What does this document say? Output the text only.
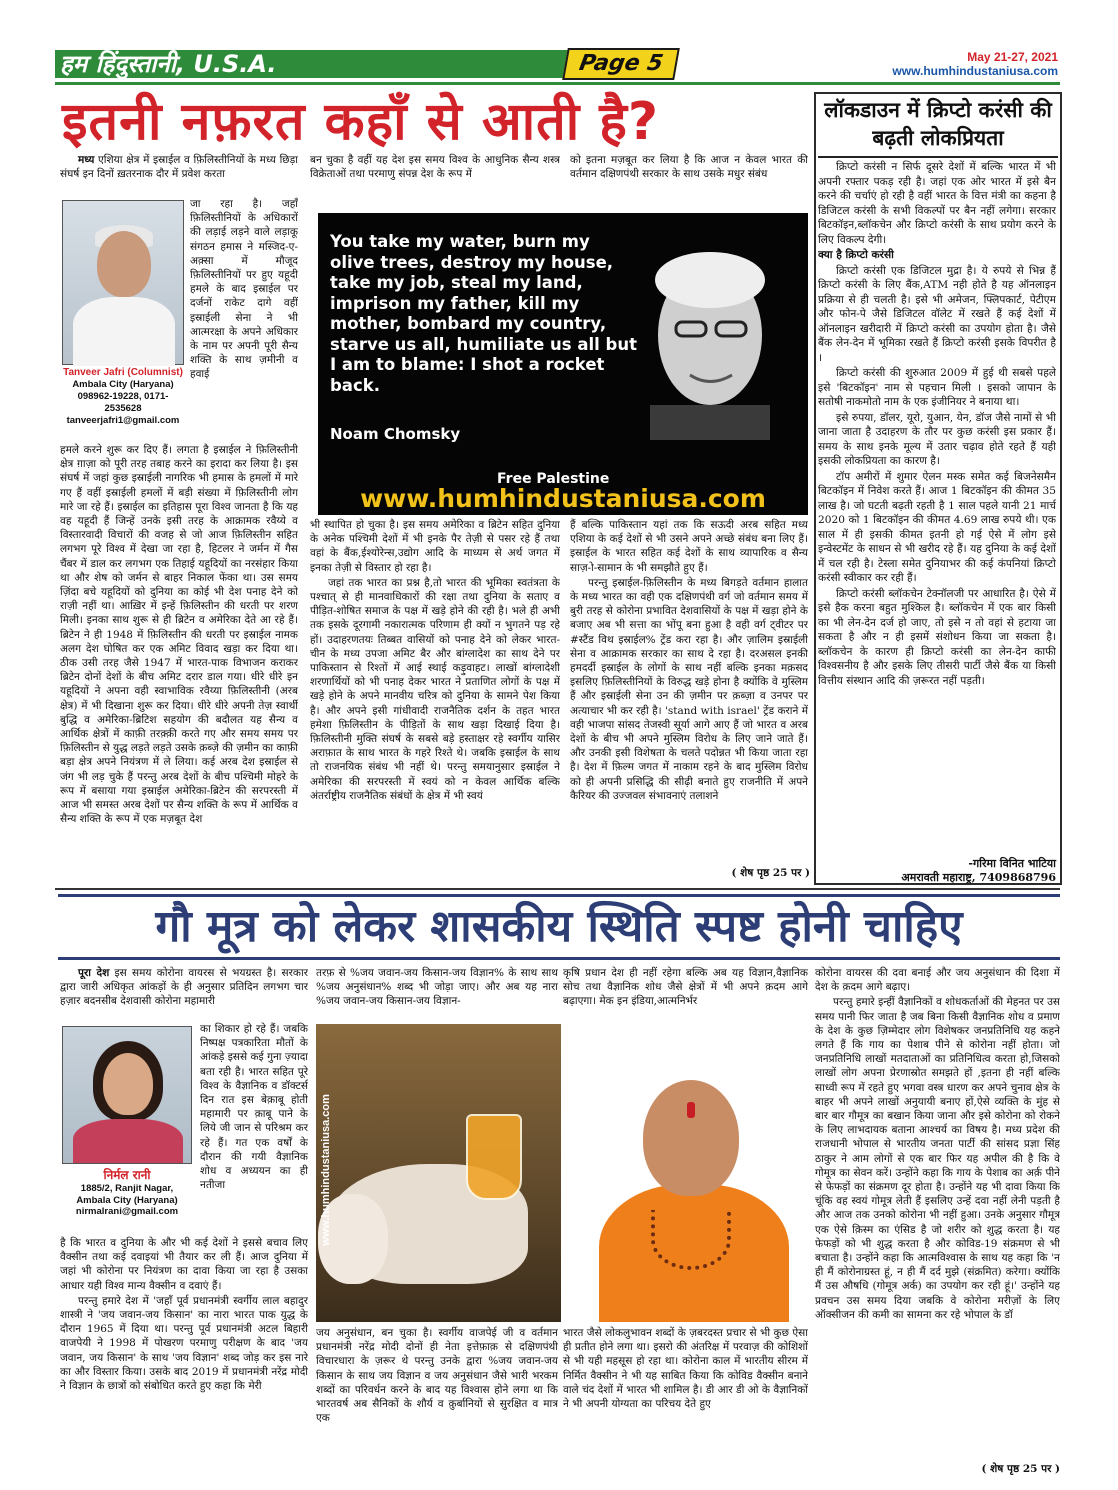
हम हिंदुस्तानी, U.S.A.	Page 5	May 21-27, 2021
www.humhindustaniusa.com
इतनी नफ़रत कहाँ से आती है?

मध्य एशिया क्षेत्र में इस्राईल व फ़िलिस्तीनियों के मध्य छिड़ा संघर्ष इन दिनों ख़तरनाक दौर में प्रवेश करता

Tanveer Jafri (Columnist)
Ambala City (Haryana)
098962-19228, 0171-2535628
tanveerjafri1@gmail.com

जा रहा है। जहाँ फ़िलिस्तीनियों के अधिकारों की लड़ाई लड़ने वाले लड़ाकू संगठन हमास ने मस्जिद-ए-अक़्सा में मौजूद फ़िलिस्तीनियों पर हुए यहूदी हमले के बाद इस्राईल पर दर्जनों राकेट दागे वहीं इस्राईली सेना ने भी आत्मरक्षा के अपने अधिकार के नाम पर अपनी पूरी सैन्य शक्ति के साथ ज़मीनी व हवाई

हमले करने शुरू कर दिए हैं। लगता है इस्राईल ने फ़िलिस्तीनी क्षेत्र ग़ाज़ा को पूरी तरह तबाह करने का इरादा कर लिया है। इस संघर्ष में जहां कुछ इस्राईली नागरिक भी हमास के हमलों में मारे गए हैं वहीं इस्राईली हमलों में बड़ी संख्या में फ़िलिस्तीनी लोग मारे जा रहे हैं। इस्राईल का इतिहास पूरा विश्व जानता है कि यह वह यहूदी हैं जिन्हें उनके इसी तरह के आक्रामक रवैय्ये व विस्तारवादी विचारों की वजह से जो आज फ़िलिस्तीन सहित लगभग पूरे विश्व में देखा जा रहा है, हिटलर ने जर्मन में गैस चैंबर में डाल कर लगभग एक तिहाई यहूदियों का नरसंहार किया था और शेष को जर्मन से बाहर निकाल फेंका था। उस समय ज़िंदा बचे यहूदियों को दुनिया का कोई भी देश पनाह देने को राज़ी नहीं था। आख़िर में इन्हें फ़िलिस्तीन की धरती पर शरण मिली। इनका साथ शुरू से ही ब्रिटेन व अमेरिका देते आ रहे हैं। ब्रिटेन ने ही 1948 में फ़िलिस्तीन की धरती पर इस्राईल नामक अलग देश घोषित कर एक अमिट विवाद खड़ा कर दिया था। ठीक उसी तरह जैसे 1947 में भारत-पाक विभाजन कराकर ब्रिटेन दोनों देशों के बीच अमिट दरार डाल गया। धीरे धीरे इन यहूदियों ने अपना वही स्वाभाविक रवैय्या फ़िलिस्तीनी (अरब क्षेत्र) में भी दिखाना शुरू कर दिया। धीरे धीरे अपनी तेज़ स्वार्थी बुद्धि व अमेरिका-ब्रिटिश सहयोग की बदौलत यह सैन्य व आर्थिक क्षेत्रों में काफ़ी तरक़्क़ी करते गए और समय समय पर फ़िलिस्तीन से युद्ध लड़ते लड़ते उसके क़ब्ज़े की ज़मीन का काफ़ी बड़ा क्षेत्र अपने नियंत्रण में ले लिया। कई अरब देश इस्राईल से जंग भी लड़ चुके हैं परन्तु अरब देशों के बीच पश्चिमी मोहरे के रूप में बसाया गया इस्राईल अमेरिका-ब्रिटेन की सरपरस्ती में आज भी समस्त अरब देशों पर सैन्य शक्ति के रूप में आर्थिक व सैन्य शक्ति के रूप में एक मज़बूत देश

बन चुका है वहीं यह देश इस समय विश्व के आधुनिक सैन्य शस्त्र विक्रेताओं तथा परमाणु संपन्न देश के रूप में

को इतना मज़बूत कर लिया है कि आज न केवल भारत की वर्तमान दक्षिणपंथी सरकार के साथ उसके मधुर संबंध

You take my water, burn my olive trees, destroy my house, take my job, steal my land, imprison my father, kill my mother, bombard my country, starve us all, humiliate us all but I am to blame: I shot a rocket back.
Noam Chomsky
Free Palestine
www.humhindustaniusa.com

भी स्थापित हो चुका है। इस समय अमेरिका व ब्रिटेन सहित दुनिया के अनेक पश्चिमी देशों में भी इनके पैर तेज़ी से पसर रहे हैं तथा वहां के बैंक,ईश्योरेन्स,उद्योग आदि के माध्यम से अर्थ जगत में इनका तेज़ी से विस्तार हो रहा है।

जहां तक भारत का प्रश्न है,तो भारत की भूमिका स्वतंत्रता के पश्चात् से ही मानवाधिकारों की रक्षा तथा दुनिया के सताए व पीड़ित-शोषित समाज के पक्ष में खड़े होने की रही है। भले ही अभी तक इसके दूरगामी नकारात्मक परिणाम ही क्यों न भुगतने पड़ रहे हों। उदाहरणतयः तिब्बत वासियों को पनाह देने को लेकर भारत-चीन के मध्य उपजा अमिट बैर और बांग्लादेश का साथ देने पर पाकिस्तान से रिश्तों में आई स्थाई कड़ुवाहट। लाखों बांग्लादेशी शरणार्थियों को भी पनाह देकर भारत ने प्रताणित लोगों के पक्ष में खड़े होने के अपने मानवीय चरित्र को दुनिया के सामने पेश किया है। और अपने इसी गांधीवादी राजनैतिक दर्शन के तहत भारत हमेशा फ़िलिस्तीन के पीड़ितों के साथ खड़ा दिखाई दिया है। फ़िलिस्तीनी मुक्ति संघर्ष के सबसे बड़े हस्ताक्षर रहे स्वर्गीय यासिर अराफ़ात के साथ भारत के गहरे रिश्ते थे। जबकि इस्राईल के साथ तो राजनयिक संबंध भी नहीं थे। परन्तु समयानुसार इस्राईल ने अमेरिका की सरपरस्ती में स्वयं को न केवल आर्थिक बल्कि अंतर्राष्ट्रीय राजनैतिक संबंधों के क्षेत्र में भी स्वयं

हैं बल्कि पाकिस्तान यहां तक कि सऊदी अरब सहित मध्य एशिया के कई देशों से भी उसने अपने अच्छे संबंध बना लिए हैं। इस्राईल के भारत सहित कई देशों के साथ व्यापारिक व सैन्य साज़-ो-सामान के भी समझौते हुए हैं।

परन्तु इस्राईल-फ़िलिस्तीन के मध्य बिगड़ते वर्तमान हालात के मध्य भारत का वही एक दक्षिणपंथी वर्ग जो वर्तमान समय में बुरी तरह से कोरोना प्रभावित देशवासियों के पक्ष में खड़ा होने के बजाए अब भी सत्ता का भोंपू बना हुआ है वही वर्ग ट्वीटर पर #स्टैंड विथ इस्राईल% ट्रेंड करा रहा है। और ज़ालिम इस्राईली सेना व आक्रामक सरकार का साथ दे रहा है। दरअसल इनकी हमदर्दी इस्राईल के लोगों के साथ नहीं बल्कि इनका मक़सद इसलिए फ़िलिस्तीनियों के विरुद्ध खड़े होना है क्योंकि वे मुस्लिम हैं और इस्राईली सेना उन की ज़मीन पर क़ब्ज़ा व उनपर पर अत्याचार भी कर रही है। 'stand with israel' ट्रेंड कराने में वही भाजपा सांसद तेजस्वी सूर्या आगे आए हैं जो भारत व अरब देशों के बीच भी अपने मुस्लिम विरोध के लिए जाने जाते हैं। और उनकी इसी विशेषता के चलते पदोन्नत भी किया जाता रहा है। देश में फ़िल्म जगत में नाकाम रहने के बाद मुस्लिम विरोध को ही अपनी प्रसिद्धि की सीढ़ी बनाते हुए राजनीति में अपने कैरियर की उज्जवल संभावनाएं तलाशने

( शेष पृष्ठ 25 पर )
लॉकडाउन में क्रिप्टो करंसी की बढ़ती लोकप्रियता

क्रिप्टो करंसी न सिर्फ दूसरे देशों में बल्कि भारत में भी अपनी रफ्तार पकड़ रही है। जहां एक ओर भारत में इसे बैन करने की चर्चाएं हो रही है वहीं भारत के वित्त मंत्री का कहना है डिजिटल करंसी के सभी विकल्पों पर बैन नहीं लगेगा। सरकार बिटकॉइन,ब्लॉकचेन और क्रिप्टो करंसी के साथ प्रयोग करने के लिए विकल्प देगी।

क्या है क्रिप्टो करंसी

क्रिप्टो करंसी एक डिजिटल मुद्रा है। ये रुपये से भिन्न हैं क्रिप्टो करंसी के लिए बैंक,ATM नही होते है यह ऑनलाइन प्रक्रिया से ही चलती है। इसे भी अमेजन, फ्लिपकार्ट, पेटीएम और फोन-पे जैसे डिजिटल वॉलेट में रखते हैं कई देशों में ऑनलाइन खरीदारी में क्रिप्टो करंसी का उपयोग होता है। जैसे बैंक लेन-देन में भूमिका रखते हैं क्रिप्टो करंसी इसके विपरीत है ।

क्रिप्टो करंसी की शुरुआत 2009 में हुई थी सबसे पहले इसे 'बिटकॉइन' नाम से पहचान मिली । इसको जापान के सतोषी नाकमोतो नाम के एक इंजीनियर ने बनाया था।

इसे रुपया, डॉलर, यूरो, युआन, येन, डॉज जैसे नामों से भी जाना जाता है उदाहरण के तौर पर कुछ करंसी इस प्रकार हैं। समय के साथ इनके मूल्य में उतार चढ़ाव होते रहते हैं यही इसकी लोकप्रियता का कारण है।

टॉप अमीरों में शुमार ऐलन मस्क समेत कई बिजनेसमैन बिटकॉइन में निवेश करते हैं। आज 1 बिटकॉइन की कीमत 35 लाख है। जो घटती बढ़ती रहती है 1 साल पहले यानी 21 मार्च 2020 को 1 बिटकॉइन की कीमत 4.69 लाख रुपये थी। एक साल में ही इसकी कीमत इतनी हो गई ऐसे में लोग इसे इन्वेस्टमेंट के साधन से भी खरीद रहे हैं। यह दुनिया के कई देशों में चल रही है। टेस्ला समेत दुनियाभर की कई कंपनियां क्रिप्टो करंसी स्वीकार कर रही हैं।

क्रिप्टो करंसी ब्लॉकचेन टेक्नॉलजी पर आधारित है। ऐसे में इसे हैक करना बहुत मुश्किल है। ब्लॉकचेन में एक बार किसी का भी लेन-देन दर्ज हो जाए, तो इसे न तो वहां से हटाया जा सकता है और न ही इसमें संशोधन किया जा सकता है। ब्लॉकचेन के कारण ही क्रिप्टो करंसी का लेन-देन काफी विश्वसनीय है और इसके लिए तीसरी पार्टी जैसे बैंक या किसी वित्तीय संस्थान आदि की ज़रूरत नहीं पड़ती।

-गरिमा विनित भाटिया
अमरावती महाराष्ट्र, 7409868796
गौ मूत्र को लेकर शासकीय स्थिति स्पष्ट होनी चाहिए

पूरा देश इस समय कोरोना वायरस से भयग्रस्त है। सरकार द्वारा जारी अधिकृत आंकड़ों के ही अनुसार प्रतिदिन लगभग चार हज़ार बदनसीब देशवासी कोरोना महामारी

निर्मल रानी
1885/2, Ranjit Nagar,
Ambala City (Haryana)
nirmalrani@gmail.com

का शिकार हो रहे हैं। जबकि निष्पक्ष पत्रकारिता मौतों के आंकड़े इससे कई गुना ज़्यादा बता रही है। भारत सहित पूरे विश्व के वैज्ञानिक व डॉक्टर्स दिन रात इस बेक़ाबू होती महामारी पर क़ाबू पाने के लिये जी जान से परिश्रम कर रहे हैं। गत एक वर्षों के दौरान की गयी वैज्ञानिक शोध व अध्ययन का ही नतीजा

है कि भारत व दुनिया के और भी कई देशों ने इससे बचाव लिए वैक्सीन तथा कई दवाइयां भी तैयार कर ली हैं। आज दुनिया में जहां भी कोरोना पर नियंत्रण का दावा किया जा रहा है उसका आधार यही विश्व मान्य वैक्सीन व दवाएं हैं।

परन्तु हमारे देश में 'जहाँ पूर्व प्रधानमंत्री स्वर्गीय लाल बहादुर शास्त्री ने 'जय जवान-जय किसान' का नारा भारत पाक युद्ध के दौरान 1965 में दिया था। परन्तु पूर्व प्रधानमंत्री अटल बिहारी वाजपेयी ने 1998 में पोखरण परमाणु परीक्षण के बाद 'जय जवान, जय किसान' के साथ 'जय विज्ञान' शब्द जोड़ कर इस नारे का और विस्तार किया। उसके बाद 2019 में प्रधानमंत्री नरेंद्र मोदी ने विज्ञान के छात्रों को संबोधित करते हुए कहा कि मेरी

तरफ़ से %जय जवान-जय किसान-जय विज्ञान% के साथ साथ %जय अनुसंधान% शब्द भी जोड़ा जाए। और अब यह नारा %जय जवान-जय किसान-जय विज्ञान-

कृषि प्रधान देश ही नहीं रहेगा बल्कि अब यह विज्ञान,वैज्ञानिक सोच तथा वैज्ञानिक शोध जैसे क्षेत्रों में भी अपने क़दम आगे बढ़ाएगा। मेक इन इंडिया,आत्मनिर्भर

www.humhindustaniusa.com

जय अनुसंधान, बन चुका है। स्वर्गीय वाजपेई जी व वर्तमान प्रधानमंत्री नरेंद्र मोदी दोनों ही नेता इत्तेफ़ाक़ से दक्षिणपंथी विचारधारा के ज़रूर थे परन्तु उनके द्वारा %जय जवान-जय किसान के साथ जय विज्ञान व जय अनुसंधान जैसे भारी भरकम शब्दों का परिवर्धन करने के बाद यह विश्वास होने लगा था कि भारतवर्ष अब सैनिकों के शौर्य व क़ुर्बानियों से सुरक्षित व मात्र एक

भारत जैसे लोकलुभावन शब्दों के ज़बरदस्त प्रचार से भी कुछ ऐसा ही प्रतीत होने लगा था। इसरो की अंतरिक्ष में परवाज़ की कोशिशों से भी यही महसूस हो रहा था। कोरोना काल में भारतीय सीरम में निर्मित वैक्सीन ने भी यह साबित किया कि कोविड वैक्सीन बनाने वाले चंद देशों में भारत भी शामिल है। डी आर डी ओ के वैज्ञानिकों ने भी अपनी योग्यता का परिचय देते हुए

कोरोना वायरस की दवा बनाई और जय अनुसंधान की दिशा में देश के क़दम आगे बढ़ाए।

परन्तु हमारे इन्हीं वैज्ञानिकों व शोधकर्ताओं की मेहनत पर उस समय पानी फिर जाता है जब बिना किसी वैज्ञानिक शोध व प्रमाण के देश के कुछ ज़िम्मेदार लोग विशेषकर जनप्रतिनिधि यह कहने लगते हैं कि गाय का पेशाब पीने से कोरोना नहीं होता। जो जनप्रतिनिधि लाखों मतदाताओं का प्रतिनिधित्व करता हो,जिसको लाखों लोग अपना प्रेरणास्रोत समझते हों ,इतना ही नहीं बल्कि साध्वी रूप में रहते हुए भगवा वस्त्र धारण कर अपने चुनाव क्षेत्र के बाहर भी अपने लाखों अनुयायी बनाए हों,ऐसे व्यक्ति के मुंह से बार बार गौमूत्र का बखान किया जाना और इसे कोरोना को रोकने के लिए लाभदायक बताना आश्चर्य का विषय है। मध्य प्रदेश की राजधानी भोपाल से भारतीय जनता पार्टी की सांसद प्रज्ञा सिंह ठाकुर ने आम लोगों से एक बार फिर यह अपील की है कि वे गोमूत्र का सेवन करें। उन्होंने कहा कि गाय के पेशाब का अर्क़ पीने से फेफड़ों का संक्रमण दूर होता है। उन्होंने यह भी दावा किया कि चूंकि वह स्वयं गोमूत्र लेती हैं इसलिए उन्हें दवा नहीं लेनी पड़ती है और आज तक उनको कोरोना भी नहीं हुआ। उनके अनुसार गौमूत्र एक ऐसे क़िस्म का एंसिड है जो शरीर को शुद्ध करता है। यह फेफड़ों को भी शुद्ध करता है और कोविड-19 संक्रमण से भी बचाता है। उन्होंने कहा कि आत्मविश्वास के साथ यह कहा कि 'न ही मैं कोरोनाग्रस्त हूं, न ही मैं दर्द मुझे (संक्रमित) करेगा। क्योंकि मैं उस औषधि (गोमूत्र अर्क) का उपयोग कर रही हूं।' उन्होंने यह प्रवचन उस समय दिया जबकि वे कोरोना मरीज़ों के लिए ऑक्सीजन की कमी का सामना कर रहे भोपाल के डॉ

( शेष पृष्ठ 25 पर )
